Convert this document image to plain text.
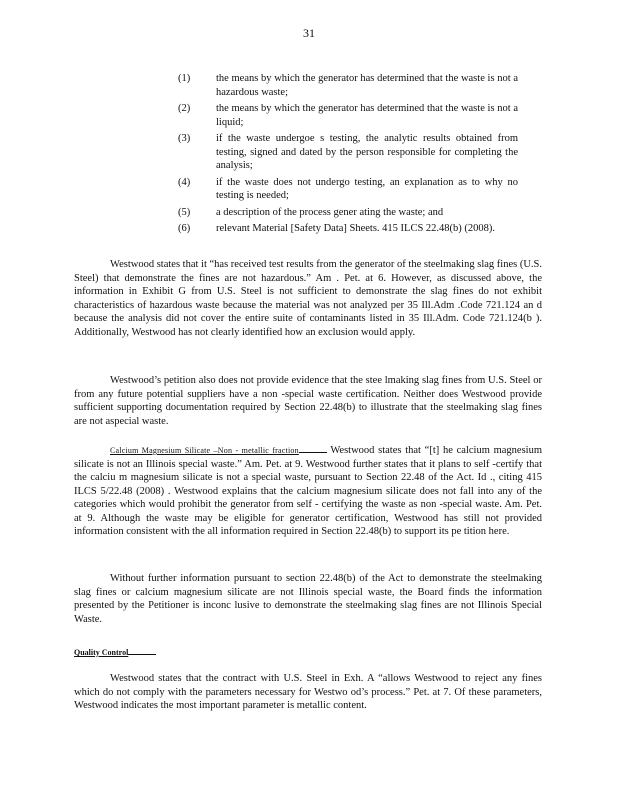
31
(1)	the means by which the generator has determined that the waste is not a hazardous waste;
(2)	the means by which the generator has determined that the waste is not a liquid;
(3)	if the waste undergoe s testing, the analytic results obtained from testing, signed and dated by the person responsible for completing the analysis;
(4)	if the waste does not undergo testing, an explanation as to why no testing is needed;
(5)	a description of the process gener ating the waste; and
(6)	relevant Material [Safety Data] Sheets. 415 ILCS 22.48(b) (2008).

Westwood states that it “has received test results from the generator of the steelmaking slag fines (U.S. Steel) that demonstrate the fines are not hazardous.” Am . Pet. at 6. However, as discussed above, the information in Exhibit G from U.S. Steel is not sufficient to demonstrate the slag fines do not exhibit characteristics of hazardous waste because the material was not analyzed per 35 Ill.Adm .Code 721.124 an d because the analysis did not cover the entire suite of contaminants listed in 35 Ill.Adm. Code 721.124(b ). Additionally, Westwood has not clearly identified how an exclusion would apply.

Westwood’s petition also does not provide evidence that the stee lmaking slag fines from U.S. Steel or from any future potential suppliers have a non -special waste certification. Neither does Westwood provide sufficient supporting documentation required by Section 22.48(b) to illustrate that the steelmaking slag fines are not aspecial waste.

Calcium Magnesium Silicate –Non - metallic fraction	Westwood states that “[t] he calcium magnesium silicate is not an Illinois special waste.” Am. Pet. at 9. Westwood further states that it plans to self -certify that the calciu m magnesium silicate is not a special waste, pursuant to Section 22.48 of the Act. Id ., citing 415 ILCS 5/22.48 (2008) . Westwood explains that the calcium magnesium silicate does not fall into any of the categories which would prohibit the generator from self - certifying the waste as non -special waste. Am. Pet. at 9. Although the waste may be eligible for generator certification, Westwood has still not provided information consistent with the all information required in Section 22.48(b) to support its pe tition here.

Without further information pursuant to section 22.48(b) of the Act to demonstrate the steelmaking slag fines or calcium magnesium silicate are not Illinois special waste, the Board finds the information presented by the Petitioner is inconc lusive to demonstrate the steelmaking slag fines are not Illinois Special Waste.

Quality Control

Westwood states that the contract with U.S. Steel in Exh. A “allows Westwood to reject any fines which do not comply with the parameters necessary for Westwo od’s process.” Pet. at 7. Of these parameters, Westwood indicates the most important parameter is metallic content.
